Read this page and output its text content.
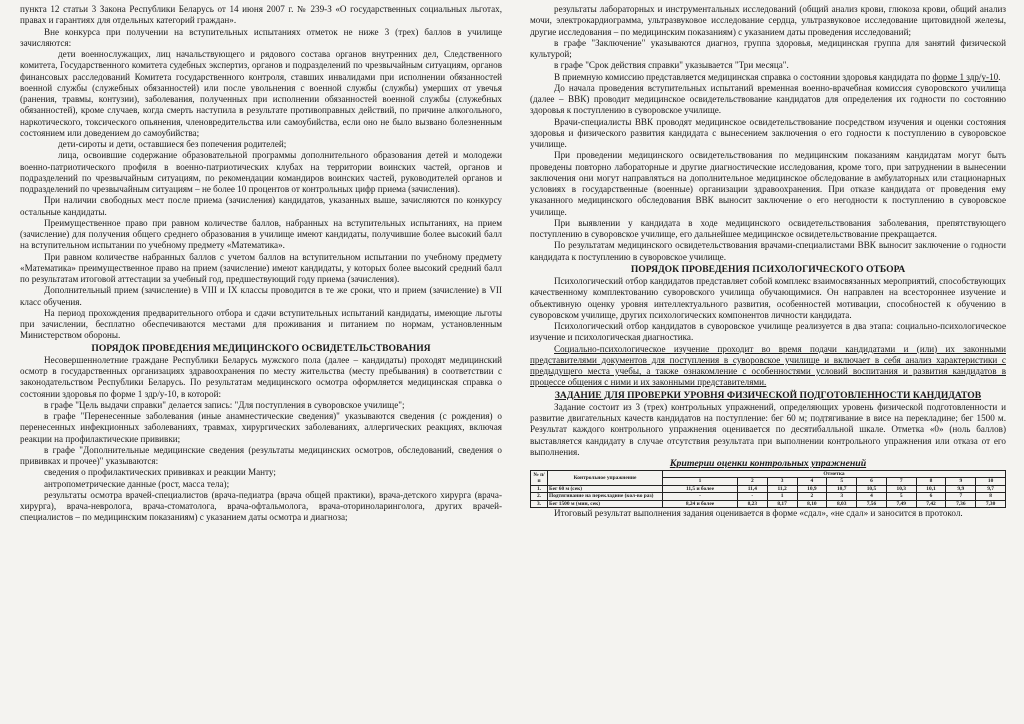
пункта 12 статьи 3 Закона Республики Беларусь от 14 июня 2007 г. № 239-З «О государственных социальных льготах, правах и гарантиях для отдельных категорий граждан».

Вне конкурса при получении на вступительных испытаниях отметок не ниже 3 (трех) баллов в училище зачисляются:

дети военнослужащих, лиц начальствующего и рядового состава органов внутренних дел, Следственного комитета, Государственного комитета судебных экспертиз, органов и подразделений по чрезвычайным ситуациям, органов финансовых расследований Комитета государственного контроля, ставших инвалидами при исполнении обязанностей военной службы (служебных обязанностей) или после увольнения с военной службы (службы) умерших от увечья (ранения, травмы, контузии), заболевания, полученных при исполнении обязанностей военной службы (служебных обязанностей), кроме случаев, когда смерть наступила в результате противоправных действий, по причине алкогольного, наркотического, токсического опьянения, членовредительства или самоубийства, если оно не было вызвано болезненным состоянием или доведением до самоубийства;

дети-сироты и дети, оставшиеся без попечения родителей;

лица, освоившие содержание образовательной программы дополнительного образования детей и молодежи военно-патриотического профиля в военно-патриотических клубах на территории воинских частей, органов и подразделений по чрезвычайным ситуациям, по рекомендации командиров воинских частей, руководителей органов и подразделений по чрезвычайным ситуациям – не более 10 процентов от контрольных цифр приема (зачисления).

При наличии свободных мест после приема (зачисления) кандидатов, указанных выше, зачисляются по конкурсу остальные кандидаты.

Преимущественное право при равном количестве баллов, набранных на вступительных испытаниях, на прием (зачисление) для получения общего среднего образования в училище имеют кандидаты, получившие более высокий балл на вступительном испытании по учебному предмету «Математика».

При равном количестве набранных баллов с учетом баллов на вступительном испытании по учебному предмету «Математика» преимущественное право на прием (зачисление) имеют кандидаты, у которых более высокий средний балл по результатам итоговой аттестации за учебный год, предшествующий году приема (зачисления).

Дополнительный прием (зачисление) в VIII и IX классы проводится в те же сроки, что и прием (зачисление) в VII класс обучения.

На период прохождения предварительного отбора и сдачи вступительных испытаний кандидаты, имеющие льготы при зачислении, бесплатно обеспечиваются местами для проживания и питанием по нормам, установленным Министерством обороны.

ПОРЯДОК ПРОВЕДЕНИЯ МЕДИЦИНСКОГО ОСВИДЕТЕЛЬСТВОВАНИЯ

Несовершеннолетние граждане Республики Беларусь мужского пола (далее – кандидаты) проходят медицинский осмотр в государственных организациях здравоохранения по месту жительства (месту пребывания) в соответствии с законодательством Республики Беларусь. По результатам медицинского осмотра оформляется медицинская справка о состоянии здоровья по форме 1 здр/у-10, в которой:

в графе "Цель выдачи справки" делается запись: "Для поступления в суворовское училище";

в графе "Перенесенные заболевания (иные анамнестические сведения)" указываются сведения (с рождения) о перенесенных инфекционных заболеваниях, травмах, хирургических заболеваниях, аллергических реакциях, включая реакции на профилактические прививки;

в графе "Дополнительные медицинские сведения (результаты медицинских осмотров, обследований, сведения о прививках и прочее)" указываются:

сведения о профилактических прививках и реакции Манту;

антропометрические данные (рост, масса тела);

результаты осмотра врачей-специалистов (врача-педиатра (врача общей практики), врача-детского хирурга (врача-хирурга), врача-невролога, врача-стоматолога, врача-офтальмолога, врача-оториноларинголога, других врачей-специалистов – по медицинским показаниям) с указанием даты осмотра и диагноза;

результаты лабораторных и инструментальных исследований (общий анализ крови, глюкоза крови, общий анализ мочи, электрокардиограмма, ультразвуковое исследование сердца, ультразвуковое исследование щитовидной железы, другие исследования – по медицинским показаниям) с указанием даты проведения исследований;

в графе "Заключение" указываются диагноз, группа здоровья, медицинская группа для занятий физической культурой;

в графе "Срок действия справки" указывается "Три месяца".

В приемную комиссию представляется медицинская справка о состоянии здоровья кандидата по форме 1 здр/у-10.

До начала проведения вступительных испытаний временная военно-врачебная комиссия суворовского училища (далее – ВВК) проводит медицинское освидетельствование кандидатов для определения их годности по состоянию здоровья к поступлению в суворовское училище.

Врачи-специалисты ВВК проводят медицинское освидетельствование посредством изучения и оценки состояния здоровья и физического развития кандидата с вынесением заключения о его годности к поступлению в суворовское училище.

При проведении медицинского освидетельствования по медицинским показаниям кандидатам могут быть проведены повторно лабораторные и другие диагностические исследования, кроме того, при затруднении в вынесении заключения они могут направляться на дополнительное медицинское обследование в амбулаторных или стационарных условиях в государственные (военные) организации здравоохранения. При отказе кандидата от проведения ему указанного медицинского обследования ВВК выносит заключение о его негодности к поступлению в суворовское училище.

При выявлении у кандидата в ходе медицинского освидетельствования заболевания, препятствующего поступлению в суворовское училище, его дальнейшее медицинское освидетельствование прекращается.

По результатам медицинского освидетельствования врачами-специалистами ВВК выносит заключение о годности кандидата к поступлению в суворовское училище.

ПОРЯДОК ПРОВЕДЕНИЯ ПСИХОЛОГИЧЕСКОГО ОТБОРА

Психологический отбор кандидатов представляет собой комплекс взаимосвязанных мероприятий, способствующих качественному комплектованию суворовского училища обучающимися. Он направлен на всестороннее изучение и объективную оценку уровня интеллектуального развития, особенностей мотивации, способностей к обучению в суворовском училище, других психологических компонентов личности кандидата.

Психологический отбор кандидатов в суворовское училище реализуется в два этапа: социально-психологическое изучение и психологическая диагностика.

Социально-психологическое изучение проходит во время подачи кандидатами и (или) их законными представителями документов для поступления в суворовское училище и включает в себя анализ характеристики с предыдущего места учебы, а также ознакомление с особенностями условий воспитания и развития кандидатов в процессе общения с ними и их законными представителями.

ЗАДАНИЕ ДЛЯ ПРОВЕРКИ УРОВНЯ ФИЗИЧЕСКОЙ ПОДГОТОВЛЕННОСТИ КАНДИДАТОВ

Задание состоит из 3 (трех) контрольных упражнений, определяющих уровень физической подготовленности и развитие двигательных качеств кандидатов на поступление: бег 60 м; подтягивание в висе на перекладине; бег 1500 м. Результат каждого контрольного упражнения оценивается по десятибалльной шкале. Отметка «0» (ноль баллов) выставляется кандидату в случае отсутствия результата при выполнении контрольного упражнения или отказа от его выполнения.

Критерии оценки контрольных упражнений

№ п/п	Контрольное упражнение	Отметка									
		1	2	3	4	5	6	7	8	9	10
1.	Бег 60 м (сек)	11,5 и более	11,4	11,2	10,9	10,7	10,5	10,3	10,1	9,9	9,7
2.	Подтягивание на перекладине (кол-во раз)	-	-	1	2	3	4	5	6	7	8
3.	Бег 1500 м (мин, сек)	8,24 и более	8,23	8,17	8,10	8,03	7,56	7,49	7,42	7,36	7,30

Итоговый результат выполнения задания оценивается в форме «сдал», «не сдал» и заносится в протокол.
